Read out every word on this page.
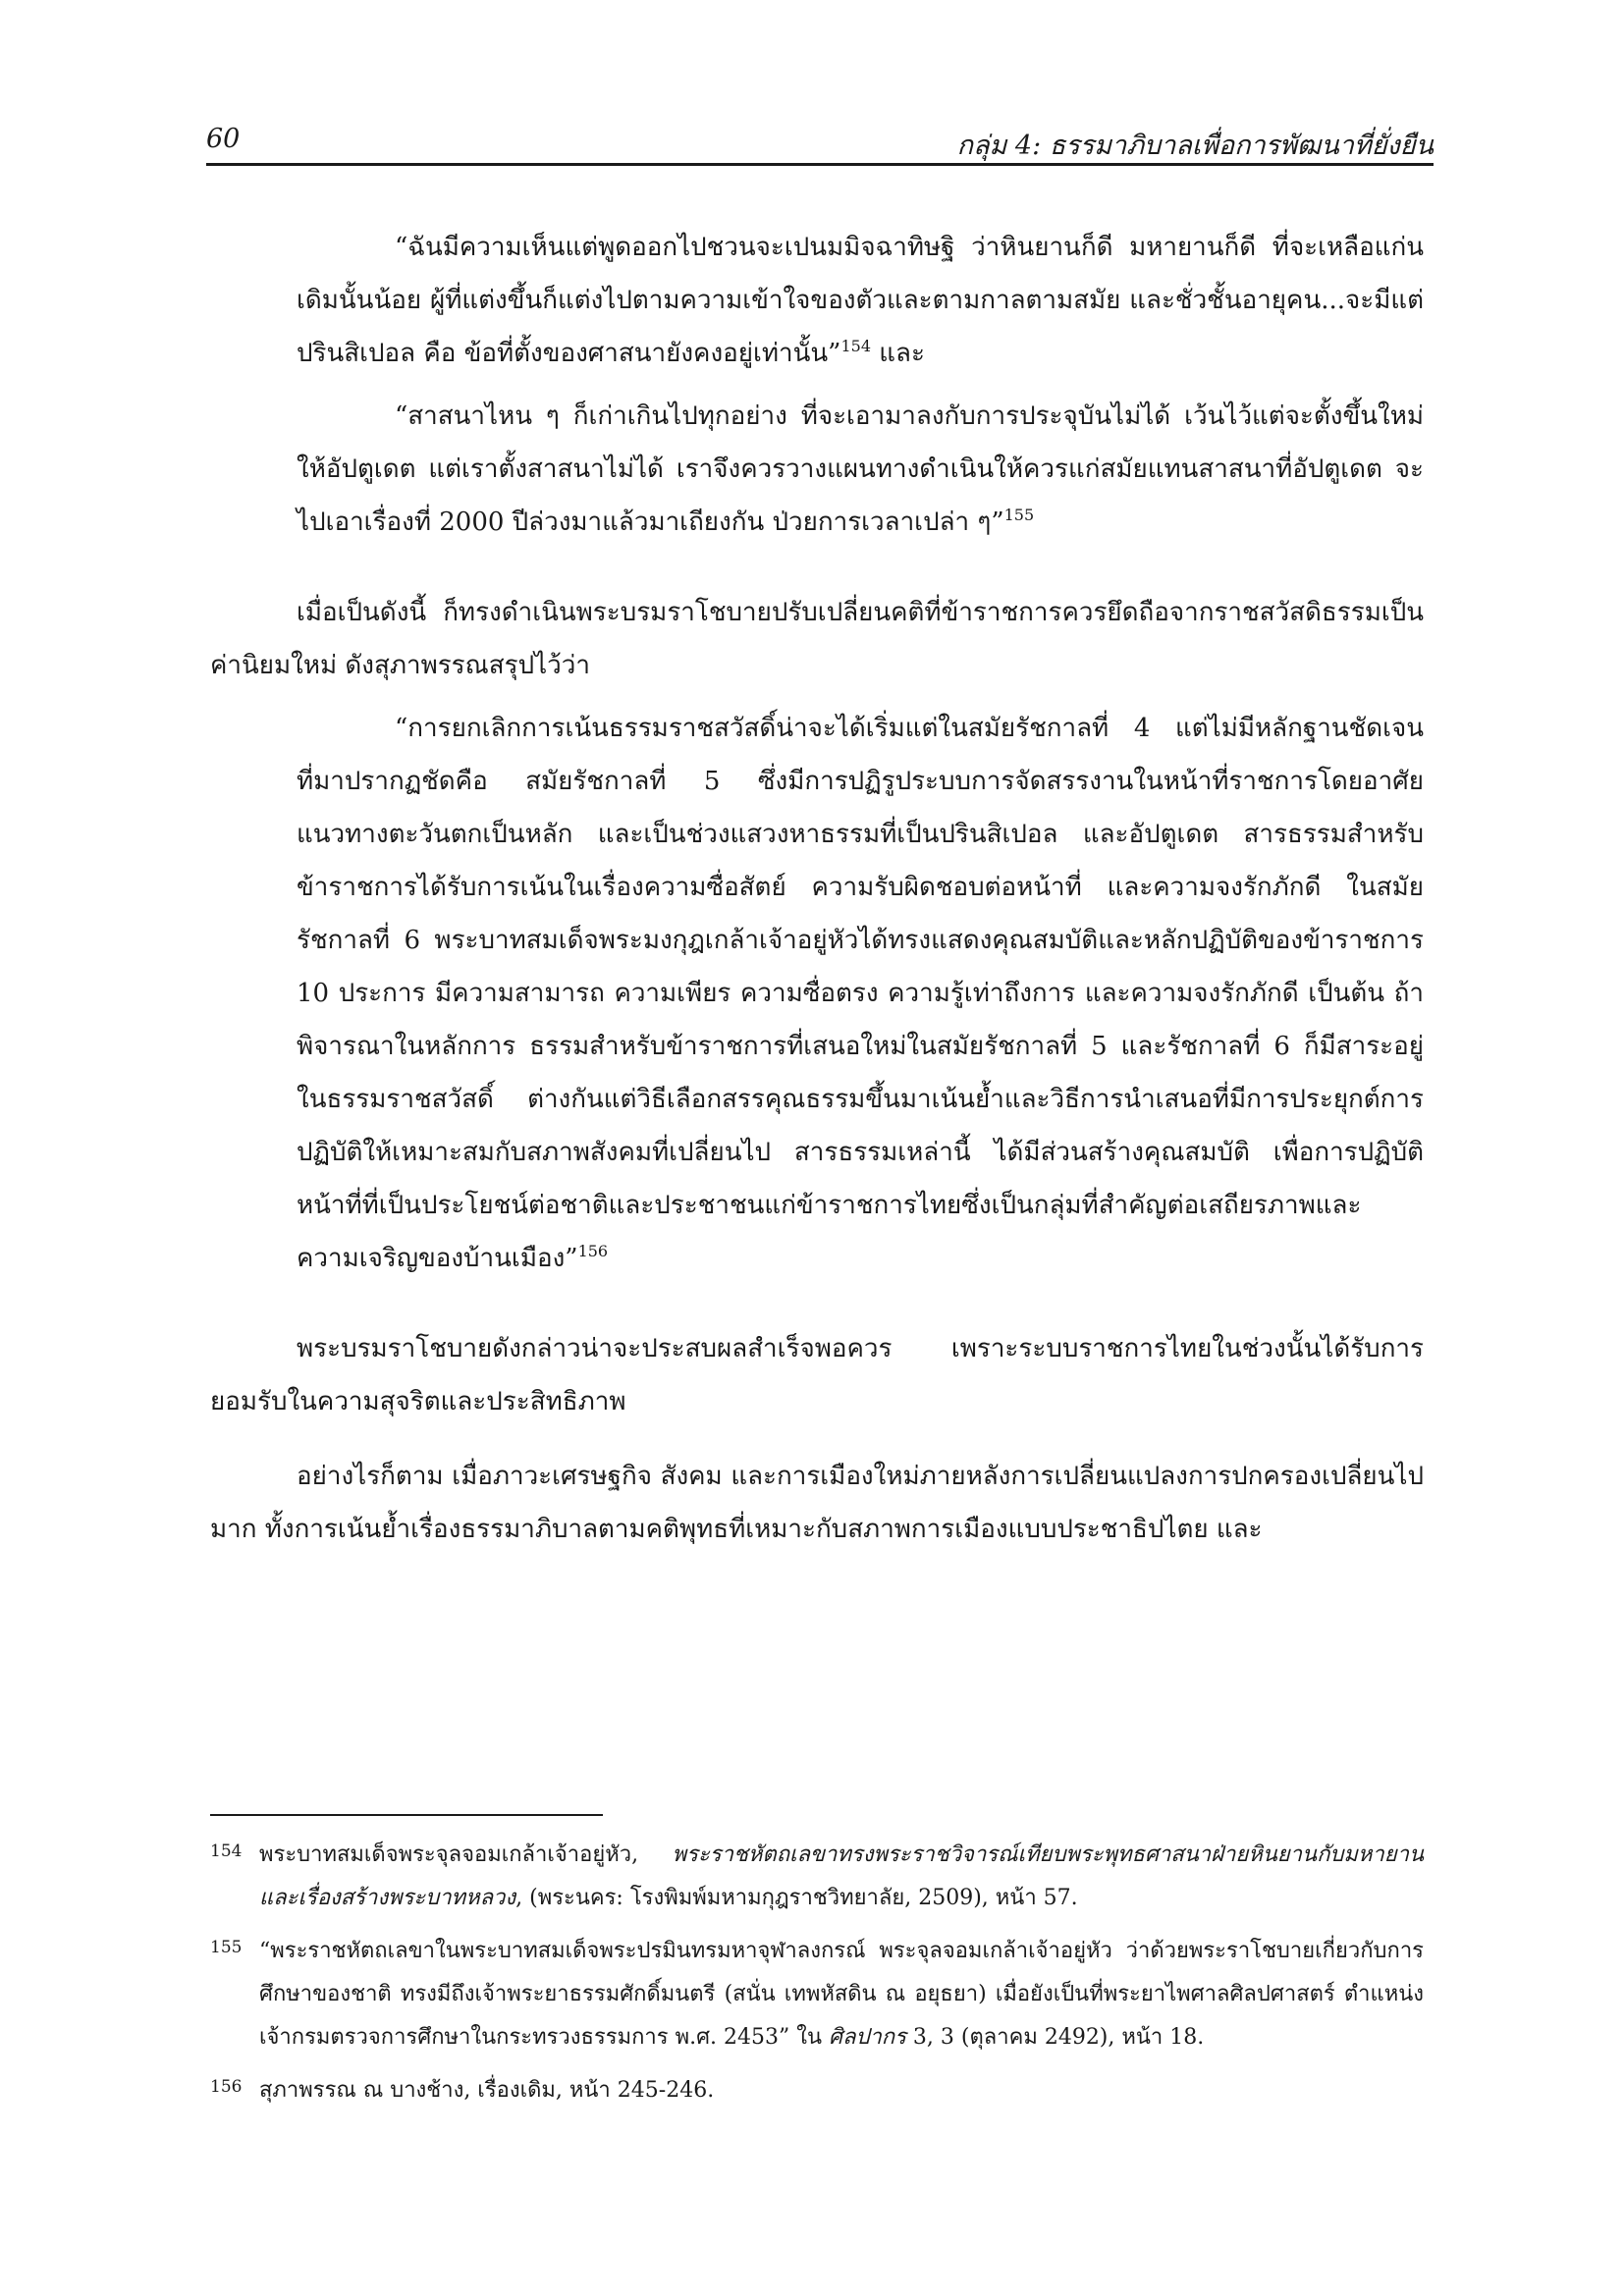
60	กลุ่ม 4: ธรรมาภิบาลเพื่อการพัฒนาที่ยั่งยืน

“ฉันมีความเห็นแต่พูดออกไปชวนจะเปนมมิจฉาทิษฐิ ว่าหินยานก็ดี มหายานก็ดี ที่จะเหลือแก่นเดิมนั้นน้อย ผู้ที่แต่งขึ้นก็แต่งไปตามความเข้าใจของตัวและตามกาลตามสมัย และชั่วชั้นอายุคน...จะมีแต่ปรินสิเปอล คือ ข้อที่ตั้งของศาสนายังคงอยู่เท่านั้น”$^{154}$ และ

“สาสนาไหน ๆ ก็เก่าเกินไปทุกอย่าง ที่จะเอามาลงกับการประจุบันไม่ได้ เว้นไว้แต่จะตั้งขึ้นใหม่ให้อัปตูเดต แต่เราตั้งสาสนาไม่ได้ เราจึงควรวางแผนทางดำเนินให้ควรแก่สมัยแทนสาสนาที่อัปตูเดต จะไปเอาเรื่องที่ 2000 ปีล่วงมาแล้วมาเถียงกัน ป่วยการเวลาเปล่า ๆ”$^{155}$

เมื่อเป็นดังนี้ ก็ทรงดำเนินพระบรมราโชบายปรับเปลี่ยนคติที่ข้าราชการควรยึดถือจากราชสวัสดิธรรมเป็นค่านิยมใหม่ ดังสุภาพรรณสรุปไว้ว่า

“การยกเลิกการเน้นธรรมราชสวัสดิ์น่าจะได้เริ่มแต่ในสมัยรัชกาลที่ 4 แต่ไม่มีหลักฐานชัดเจน ที่มาปรากฏชัดคือ สมัยรัชกาลที่ 5 ซึ่งมีการปฏิรูประบบการจัดสรรงานในหน้าที่ราชการโดยอาศัยแนวทางตะวันตกเป็นหลัก และเป็นช่วงแสวงหาธรรมที่เป็นปรินสิเปอล และอัปตูเดต สารธรรมสำหรับข้าราชการได้รับการเน้นในเรื่องความซื่อสัตย์ ความรับผิดชอบต่อหน้าที่ และความจงรักภักดี ในสมัยรัชกาลที่ 6 พระบาทสมเด็จพระมงกุฎเกล้าเจ้าอยู่หัวได้ทรงแสดงคุณสมบัติและหลักปฏิบัติของข้าราชการ 10 ประการ มีความสามารถ ความเพียร ความซื่อตรง ความรู้เท่าถึงการ และความจงรักภักดี เป็นต้น ถ้าพิจารณาในหลักการ ธรรมสำหรับข้าราชการที่เสนอใหม่ในสมัยรัชกาลที่ 5 และรัชกาลที่ 6 ก็มีสาระอยู่ในธรรมราชสวัสดิ์ ต่างกันแต่วิธีเลือกสรรคุณธรรมขึ้นมาเน้นย้ำและวิธีการนำเสนอที่มีการประยุกต์การปฏิบัติให้เหมาะสมกับสภาพสังคมที่เปลี่ยนไป สารธรรมเหล่านี้ ได้มีส่วนสร้างคุณสมบัติ เพื่อการปฏิบัติหน้าที่ที่เป็นประโยชน์ต่อชาติและประชาชนแก่ข้าราชการไทยซึ่งเป็นกลุ่มที่สำคัญต่อเสถียรภาพและความเจริญของบ้านเมือง”$^{156}$

พระบรมราโชบายดังกล่าวน่าจะประสบผลสำเร็จพอควร เพราะระบบราชการไทยในช่วงนั้นได้รับการยอมรับในความสุจริตและประสิทธิภาพ

อย่างไรก็ตาม เมื่อภาวะเศรษฐกิจ สังคม และการเมืองใหม่ภายหลังการเปลี่ยนแปลงการปกครองเปลี่ยนไปมาก ทั้งการเน้นย้ำเรื่องธรรมาภิบาลตามคติพุทธที่เหมาะกับสภาพการเมืองแบบประชาธิปไตย และ

154 พระบาทสมเด็จพระจุลจอมเกล้าเจ้าอยู่หัว, พระราชหัตถเลขาทรงพระราชวิจารณ์เทียบพระพุทธศาสนาฝ่ายหินยานกับมหายานและเรื่องสร้างพระบาทหลวง, (พระนคร: โรงพิมพ์มหามกุฎราชวิทยาลัย, 2509), หน้า 57.

155 “พระราชหัตถเลขาในพระบาทสมเด็จพระปรมินทรมหาจุฬาลงกรณ์ พระจุลจอมเกล้าเจ้าอยู่หัว ว่าด้วยพระราโชบายเกี่ยวกับการศึกษาของชาติ ทรงมีถึงเจ้าพระยาธรรมศักดิ์มนตรี (สนั่น เทพหัสดิน ณ อยุธยา) เมื่อยังเป็นที่พระยาไพศาลศิลปศาสตร์ ตำแหน่งเจ้ากรมตรวจการศึกษาในกระทรวงธรรมการ พ.ศ. 2453” ใน ศิลปากร 3, 3 (ตุลาคม 2492), หน้า 18.

156 สุภาพรรณ ณ บางช้าง, เรื่องเดิม, หน้า 245-246.
